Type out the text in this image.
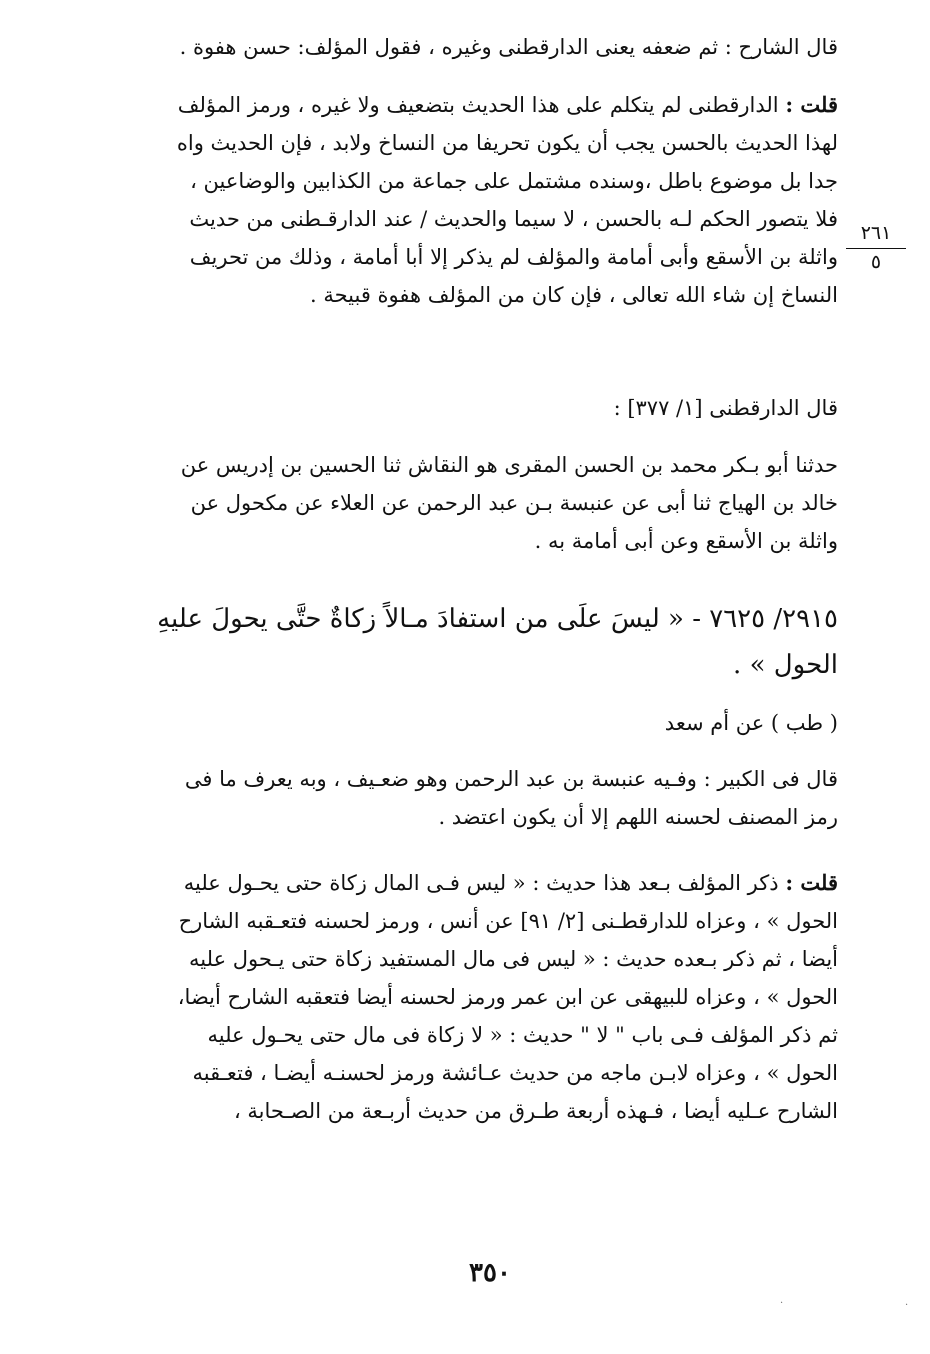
قال الشارح : ثم ضعفه يعنى الدارقطنى وغيره ، فقول المؤلف: حسن هفوة .
قلت : الدارقطنى لم يتكلم على هذا الحديث بتضعيف ولا غيره ، ورمز المؤلف
لهذا الحديث بالحسن يجب أن يكون تحريفا من النساخ ولابد ، فإن الحديث واه
جدا بل موضوع باطل ،وسنده مشتمل على جماعة من الكذابين والوضاعين ،
فلا يتصور الحكم لـه بالحسن ، لا سيما والحديث / عند الدارقـطنى من حديث
واثلة بن الأسقع وأبى أمامة والمؤلف لم يذكر إلا أبا أمامة ، وذلك من تحريف
النساخ إن شاء الله تعالى ، فإن كان من المؤلف هفوة قبيحة .
٢٦١
٥
قال الدارقطنى [١/ ٣٧٧] :
حدثنا أبو بـكر محمد بن الحسن المقرى هو النقاش ثنا الحسين بن إدريس عن
خالد بن الهياج ثنا أبى عن عنبسة بـن عبد الرحمن عن العلاء عن مكحول عن
واثلة بن الأسقع وعن أبى أمامة به .
٢٩١٥/ ٧٦٢٥ - « ليسَ علَى من استفادَ مـالاً زكاةٌ حتَّى يحولَ عليهِ
الحول » .
( طب ) عن أم سعد
قال فى الكبير : وفـيه عنبسة بن عبد الرحمن وهو ضعـيف ، وبه يعرف ما فى
رمز المصنف لحسنه اللهم إلا أن يكون اعتضد .
قلت : ذكر المؤلف بـعد هذا حديث : « ليس فـى المال زكاة حتى يحـول عليه
الحول » ، وعزاه للدارقطـنى [٢/ ٩١] عن أنس ، ورمز لحسنه فتعـقبه الشارح
أيضا ، ثم ذكر بـعده حديث : « ليس فى مال المستفيد زكاة حتى يـحول عليه
الحول » ، وعزاه للبيهقى عن ابن عمر ورمز لحسنه أيضا فتعقبه الشارح أيضا،
ثم ذكر المؤلف فـى باب " لا " حديث : « لا زكاة فى مال حتى يحـول عليه
الحول » ، وعزاه لابـن ماجه من حديث عـائشة ورمز لحسنـه أيضـا ، فتعـقبه
الشارح عـليه أيضا ، فـهذه أربعة طـرق من حديث أربـعة من الصـحابة ،
٣٥٠
·	·
